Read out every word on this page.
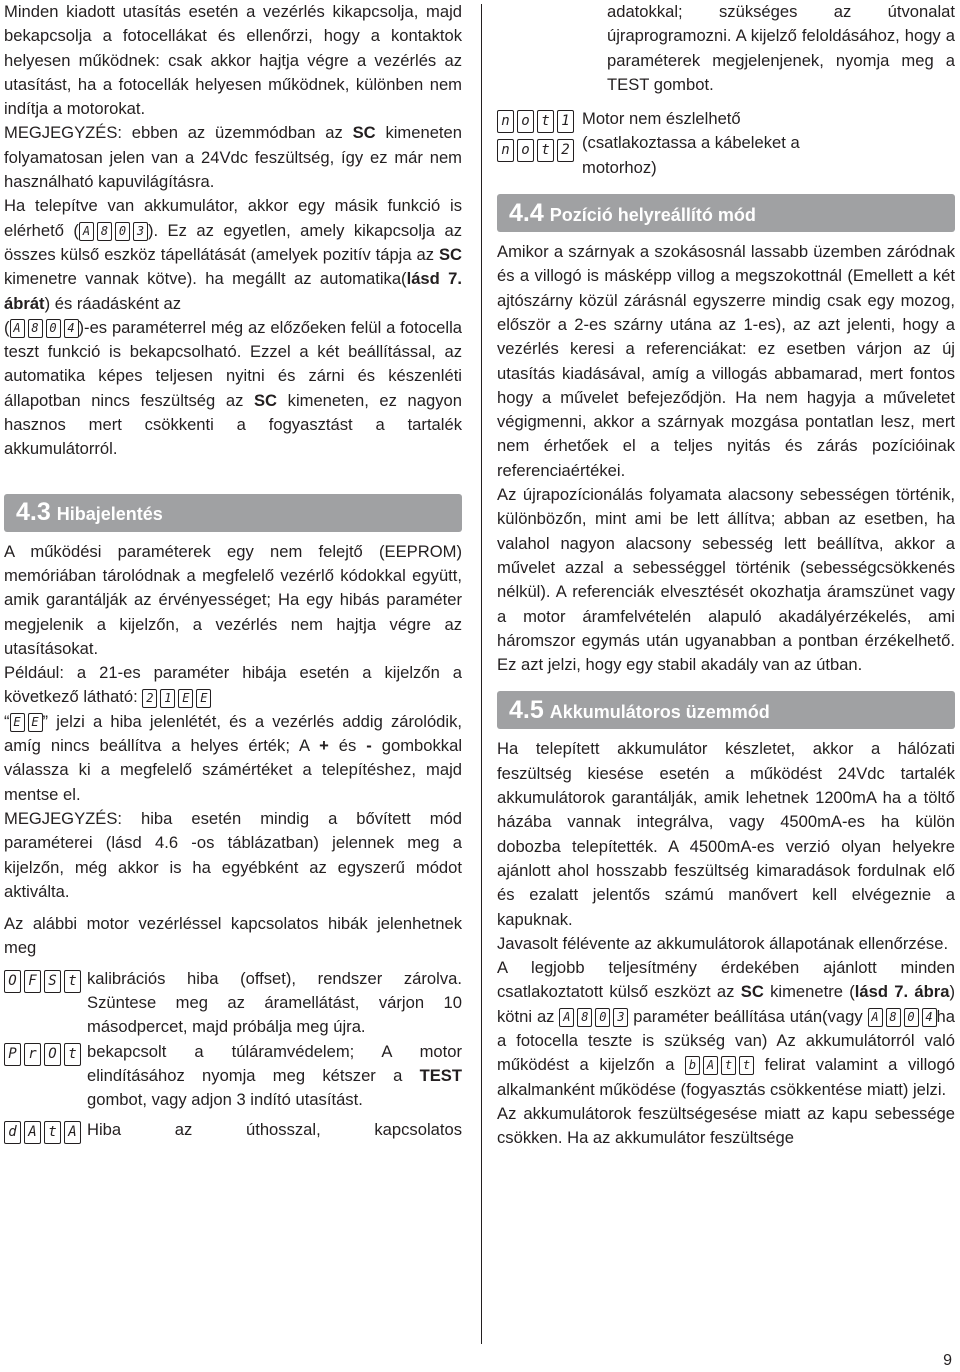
Minden kiadott utasítás esetén a vezérlés kikapcsolja, majd bekapcsolja a fotocellákat és ellenőrzi, hogy a kontaktok helyesen működnek: csak akkor hajtja végre a vezérlés az utasítást, ha a fotocellák helyesen működnek, különben nem indítja a motorokat.

MEGJEGYZÉS: ebben az üzemmódban az SC kimeneten folyamatosan jelen van a 24Vdc feszültség, így ez már nem használható kapuvilágításra.

Ha telepítve van akkumulátor, akkor egy másik funkció is elérhető ( A 8 0 3 ). Ez az egyetlen, amely kikapcsolja az összes külső eszköz tápellátását (amelyek pozitív tápja az SC kimenetre vannak kötve). ha megállt az automatika(lásd 7. ábrát) és ráadásként az

( A 8 0 4 )-es paraméterrel még az előzőeken felül a fotocella teszt funkció is bekapcsolható. Ezzel a két beállítással, az automatika képes teljesen nyitni és zárni és készenléti állapotban nincs feszültség az SC kimeneten, ez nagyon hasznos mert csökkenti a fogyasztást a tartalék akkumulátorról.

4.3 Hibajelentés

A működési paraméterek egy nem felejtő (EEPROM) memóriában tárolódnak a megfelelő vezérlő kódokkal együtt, amik garantálják az érvényességet; Ha egy hibás paraméter megjelenik a kijelzőn, a vezérlés nem hajtja végre az utasításokat.

Például: a 21-es paraméter hibája esetén a kijelzőn a következő látható: 2 1 E E

“ E E ” jelzi a hiba jelenlétét, és a vezérlés addig zárolódik, amíg nincs beállítva a helyes érték; A + és - gombokkal válassza ki a megfelelő számértéket a telepítéshez, majd mentse el.

MEGJEGYZÉS: hiba esetén mindig a bővített mód paraméterei (lásd 4.6 -os táblázatban) jelennek meg a kijelzőn, még akkor is ha egyébként az egyszerű módot aktiválta.

Az alábbi motor vezérléssel kapcsolatos hibák jelenhetnek meg

O F S t kalibrációs hiba (offset), rendszer zárolva. Szüntese meg az áramellátást, várjon 10 másodpercet, majd próbálja meg újra.

P r O t bekapcsolt a túláramvédelem; A motor elindításához nyomja meg kétszer a TEST gombot, vagy adjon 3 indító utasítást.

d A t A Hiba az úthosszal, kapcsolatos

adatokkal; szükséges az útvonalat újraprogramozni. A kijelző feloldásához, hogy a paraméterek megjelenjenek, nyomja meg a TEST gombot.

n o t 1
n o t 2

Motor nem észlelhető

(csatlakoztassa a kábeleket a

motorhoz)

4.4 Pozíció helyreállító mód

Amikor a szárnyak a szokásosnál lassabb üzemben záródnak és a villogó is másképp villog a megszokottnál (Emellett a két ajtószárny közül zárásnál egyszerre mindig csak egy mozog, először a 2-es szárny utána az 1-es), az azt jelenti, hogy a vezérlés keresi a referenciákat: ez esetben várjon az új utasítás kiadásával, amíg a villogás abbamarad, mert fontos hogy a művelet befejeződjön. Ha nem hagyja a műveletet végigmenni, akkor a szárnyak mozgása pontatlan lesz, mert nem érhetőek el a teljes nyitás és zárás pozícióinak referenciaértékei.

Az újrapozícionálás folyamata alacsony sebességen történik, különbözőn, mint ami be lett állítva; abban az esetben, ha valahol nagyon alacsony sebesség lett beállítva, akkor a művelet azzal a sebességgel történik (sebességcsökkenés nélkül). A referenciák elvesztését okozhatja áramszünet vagy a motor áramfelvételén alapuló akadályérzékelés, ami háromszor egymás után ugyanabban a pontban érzékelhető. Ez azt jelzi, hogy egy stabil akadály van az útban.

4.5 Akkumulátoros üzemmód

Ha telepített akkumulátor készletet, akkor a hálózati feszültség kiesése esetén a működést 24Vdc tartalék akkumulátorok garantálják, amik lehetnek 1200mA ha a töltő házába vannak integrálva, vagy 4500mA-es ha külön dobozba telepítették. A 4500mA-es verzió olyan helyekre ajánlott ahol hosszabb feszültség kimaradások fordulnak elő és ezalatt jelentős számú manővert kell elvégeznie a kapuknak.

Javasolt félévente az akkumulátorok állapotának ellenőrzése.

A legjobb teljesítmény érdekében ajánlott minden csatlakoztatott külső eszközt az SC kimenetre (lásd 7. ábra) kötni az A 8 0 3 paraméter beállítása után(vagy A 8 0 4 ha a fotocella teszte is szükség van) Az akkumulátorról való működést a kijelzőn a b A t t felirat valamint a villogó alkalmanként működése (fogyasztás csökkentése miatt) jelzi.

Az akkumulátorok feszültségesése miatt az kapu sebessége csökken. Ha az akkumulátor feszültsége

9
